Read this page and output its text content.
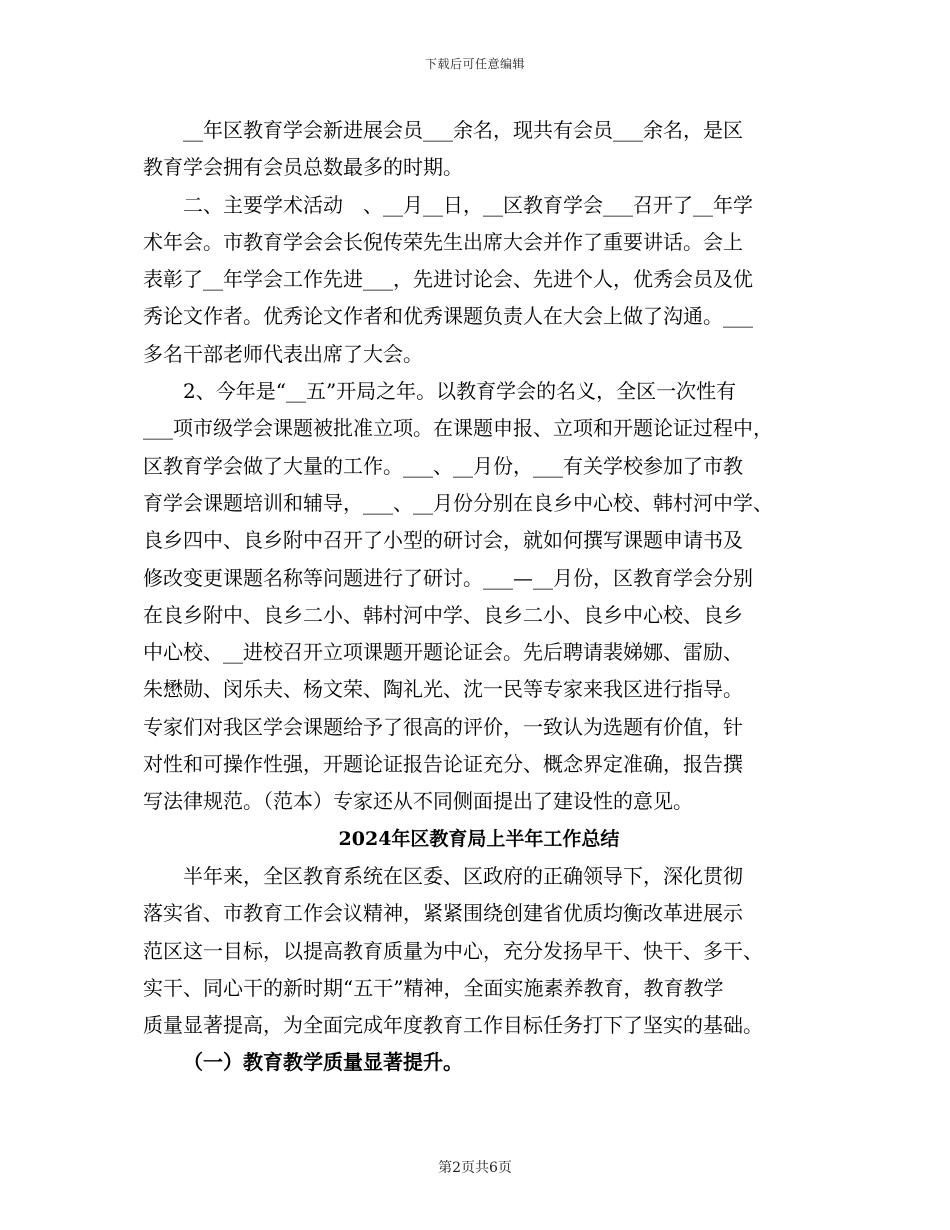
下载后可任意编辑
__年区教育学会新进展会员___余名，现共有会员___余名，是区
教育学会拥有会员总数最多的时期。
二、主要学术活动　、__月__日，__区教育学会___召开了__年学
术年会。市教育学会会长倪传荣先生出席大会并作了重要讲话。会上
表彰了__年学会工作先进___，先进讨论会、先进个人，优秀会员及优
秀论文作者。优秀论文作者和优秀课题负责人在大会上做了沟通。___
多名干部老师代表出席了大会。
2、今年是“__五”开局之年。以教育学会的名义，全区一次性有
___项市级学会课题被批准立项。在课题申报、立项和开题论证过程中，
区教育学会做了大量的工作。___、__月份，___有关学校参加了市教
育学会课题培训和辅导，___、__月份分别在良乡中心校、韩村河中学、
良乡四中、良乡附中召开了小型的研讨会，就如何撰写课题申请书及
修改变更课题名称等问题进行了研讨。___—__月份，区教育学会分别
在良乡附中、良乡二小、韩村河中学、良乡二小、良乡中心校、良乡
中心校、__进校召开立项课题开题论证会。先后聘请裴娣娜、雷励、
朱懋勋、闵乐夫、杨文荣、陶礼光、沈一民等专家来我区进行指导。
专家们对我区学会课题给予了很高的评价，一致认为选题有价值，针
对性和可操作性强，开题论证报告论证充分、概念界定准确，报告撰
写法律规范。（范本）专家还从不同侧面提出了建设性的意见。
2024年区教育局上半年工作总结
半年来，全区教育系统在区委、区政府的正确领导下，深化贯彻
落实省、市教育工作会议精神，紧紧围绕创建省优质均衡改革进展示
范区这一目标，以提高教育质量为中心，充分发扬早干、快干、多干、
实干、同心干的新时期“五干”精神，全面实施素养教育，教育教学
质量显著提高，为全面完成年度教育工作目标任务打下了坚实的基础。
（一）教育教学质量显著提升。
第2页共6页
